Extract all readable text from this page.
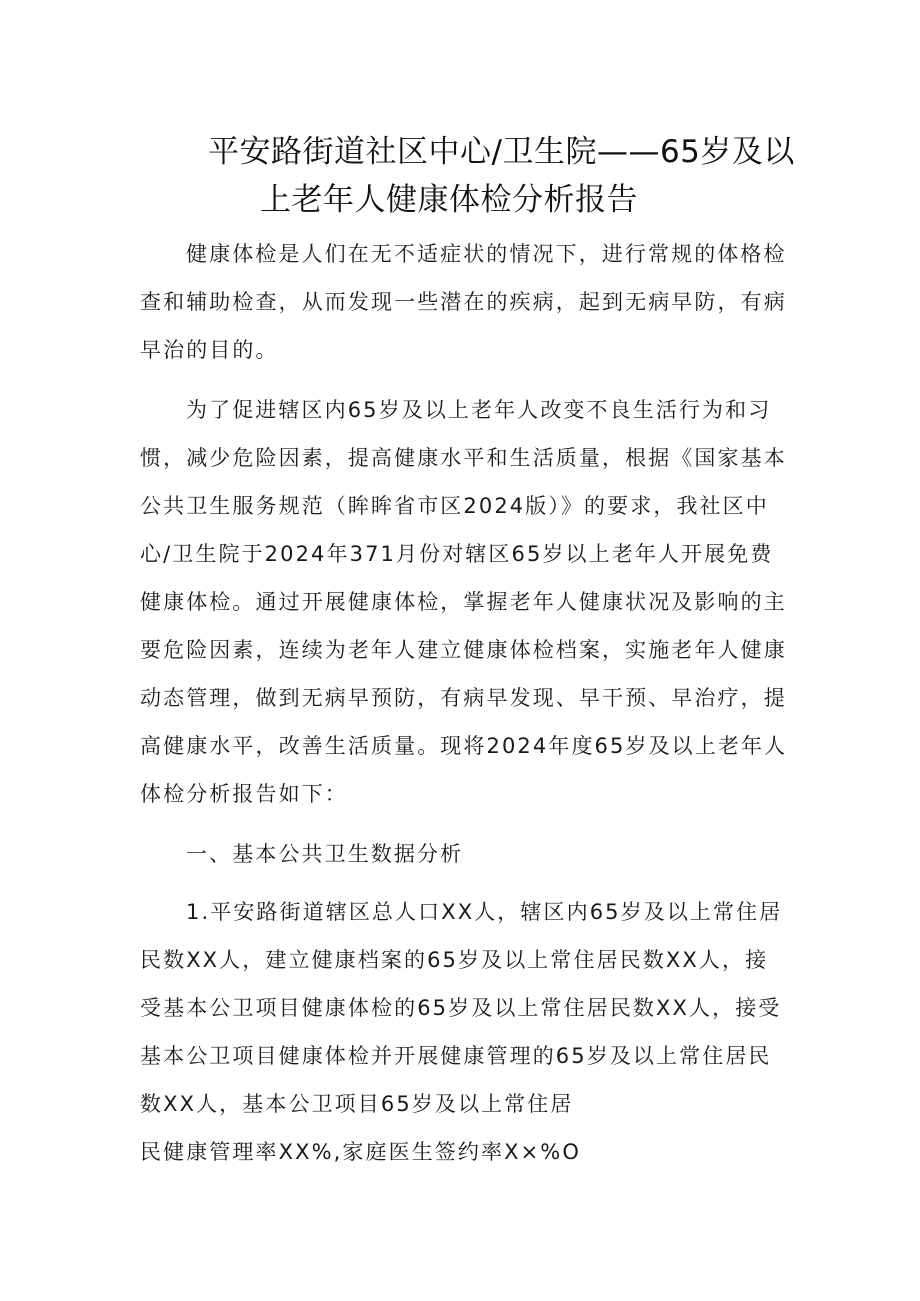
平安路街道社区中心/卫生院——65岁及以
上老年人健康体检分析报告

健康体检是人们在无不适症状的情况下，进行常规的体格检查和辅助检查，从而发现一些潜在的疾病，起到无病早防，有病早治的目的。

为了促进辖区内65岁及以上老年人改变不良生活行为和习惯，减少危险因素，提高健康水平和生活质量，根据《国家基本公共卫生服务规范（眸眸省市区2024版）》的要求，我社区中心/卫生院于2024年371月份对辖区65岁以上老年人开展免费健康体检。通过开展健康体检，掌握老年人健康状况及影响的主要危险因素，连续为老年人建立健康体检档案，实施老年人健康动态管理，做到无病早预防，有病早发现、早干预、早治疗，提高健康水平，改善生活质量。现将2024年度65岁及以上老年人体检分析报告如下：

一、基本公共卫生数据分析

1.平安路街道辖区总人口XX人，辖区内65岁及以上常住居民数XX人，建立健康档案的65岁及以上常住居民数XX人，接受基本公卫项目健康体检的65岁及以上常住居民数XX人，接受基本公卫项目健康体检并开展健康管理的65岁及以上常住居民数XX人，基本公卫项目65岁及以上常住居

民健康管理率XX%,家庭医生签约率X×%O
